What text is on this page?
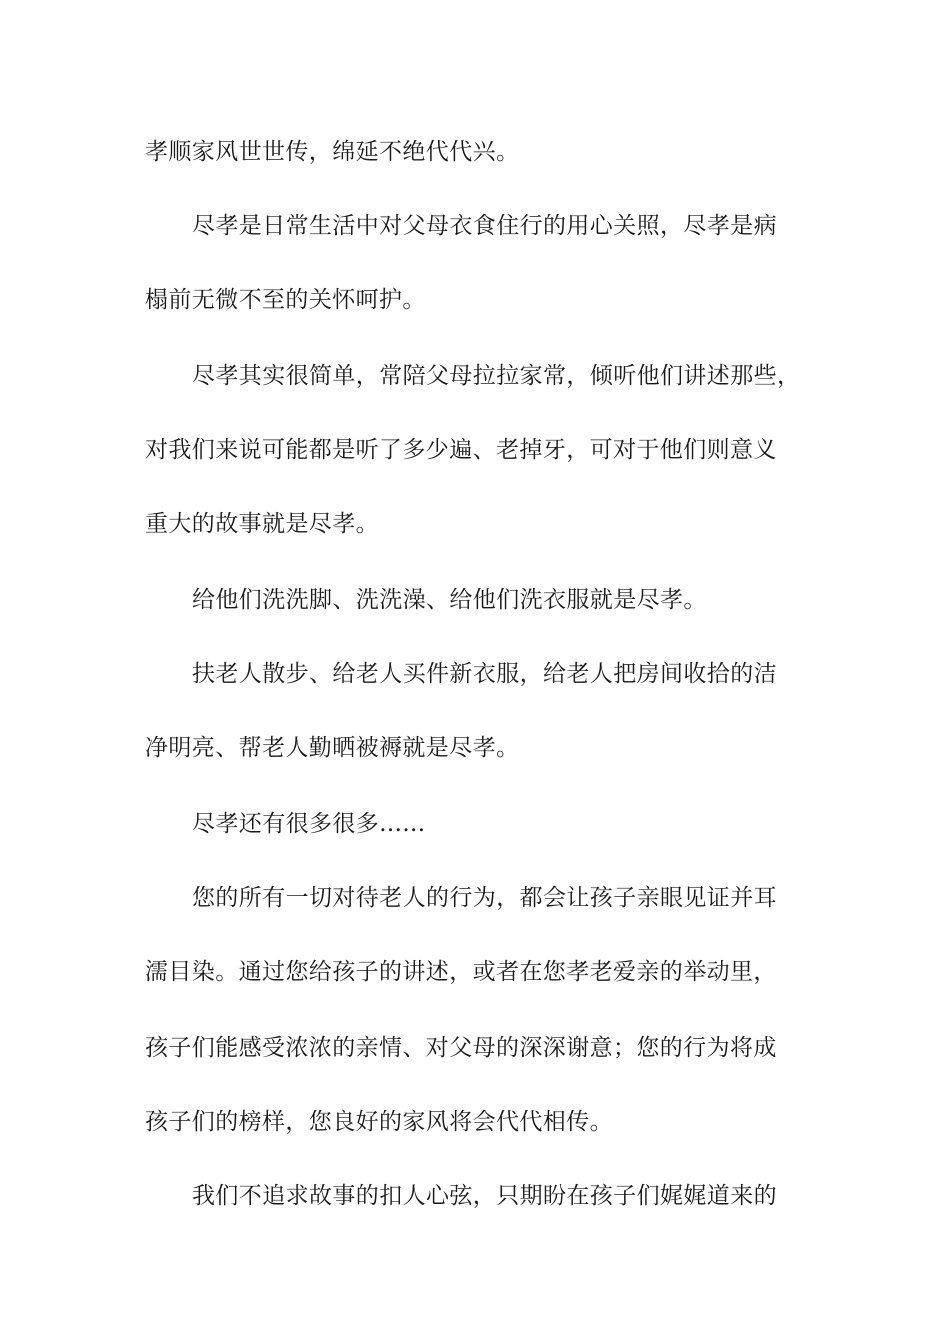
孝顺家风世世传，绵延不绝代代兴。
尽孝是日常生活中对父母衣食住行的用心关照，尽孝是病
榻前无微不至的关怀呵护。
尽孝其实很简单，常陪父母拉拉家常，倾听他们讲述那些，
对我们来说可能都是听了多少遍、老掉牙，可对于他们则意义
重大的故事就是尽孝。
给他们洗洗脚、洗洗澡、给他们洗衣服就是尽孝。
扶老人散步、给老人买件新衣服，给老人把房间收拾的洁
净明亮、帮老人勤晒被褥就是尽孝。
尽孝还有很多很多......
您的所有一切对待老人的行为，都会让孩子亲眼见证并耳
濡目染。通过您给孩子的讲述，或者在您孝老爱亲的举动里，
孩子们能感受浓浓的亲情、对父母的深深谢意；您的行为将成
孩子们的榜样，您良好的家风将会代代相传。
我们不追求故事的扣人心弦，只期盼在孩子们娓娓道来的
